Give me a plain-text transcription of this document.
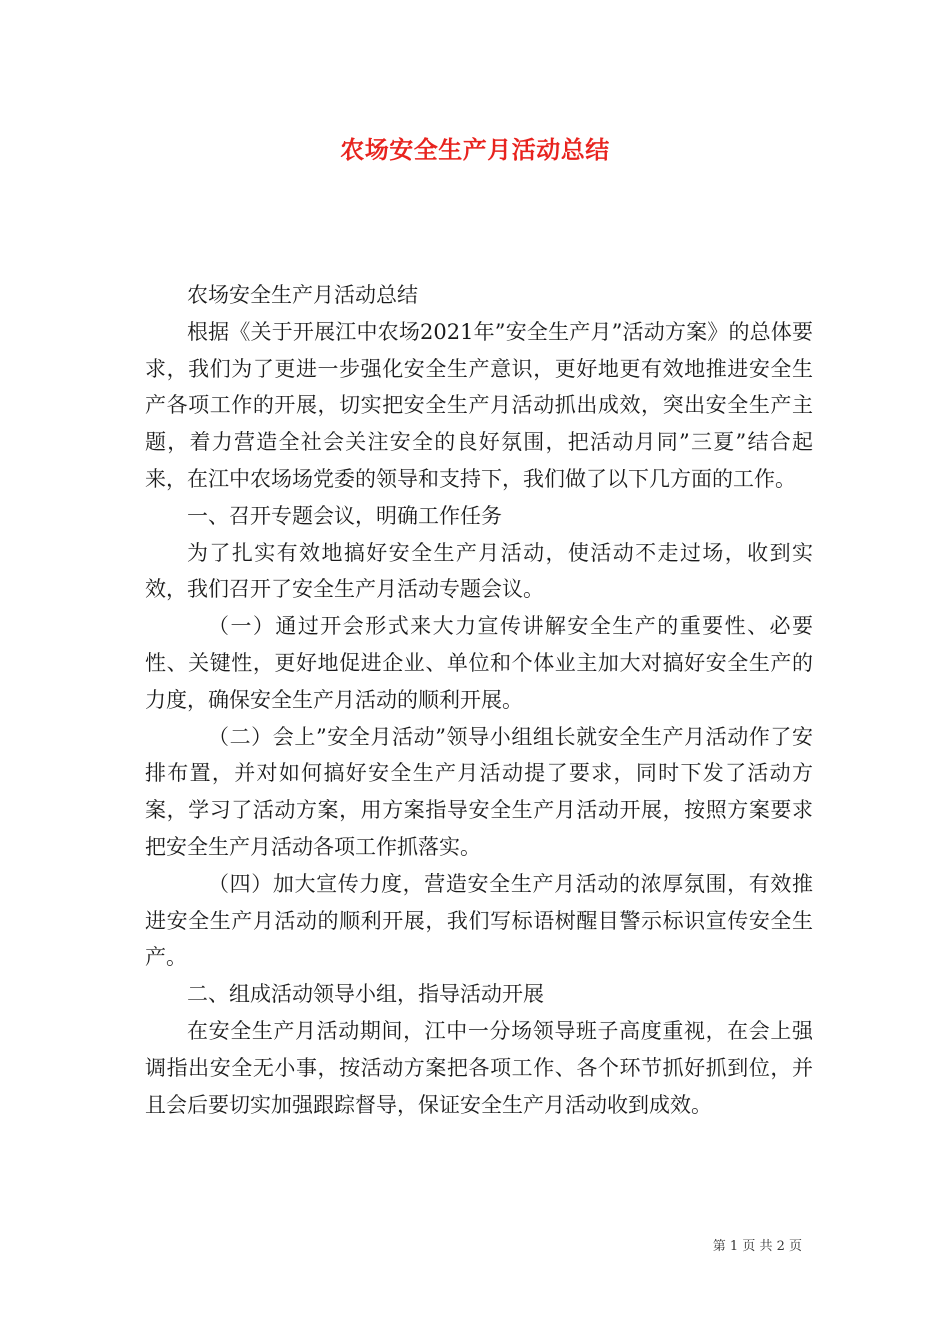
农场安全生产月活动总结

农场安全生产月活动总结

根据《关于开展江中农场2021年”安全生产月”活动方案》的总体要求，我们为了更进一步强化安全生产意识，更好地更有效地推进安全生产各项工作的开展，切实把安全生产月活动抓出成效，突出安全生产主题，着力营造全社会关注安全的良好氛围，把活动月同”三夏”结合起来，在江中农场场党委的领导和支持下，我们做了以下几方面的工作。

一、召开专题会议，明确工作任务

为了扎实有效地搞好安全生产月活动，使活动不走过场，收到实效，我们召开了安全生产月活动专题会议。

（一）通过开会形式来大力宣传讲解安全生产的重要性、必要性、关键性，更好地促进企业、单位和个体业主加大对搞好安全生产的力度，确保安全生产月活动的顺利开展。

（二）会上”安全月活动”领导小组组长就安全生产月活动作了安排布置，并对如何搞好安全生产月活动提了要求，同时下发了活动方案，学习了活动方案，用方案指导安全生产月活动开展，按照方案要求把安全生产月活动各项工作抓落实。

（四）加大宣传力度，营造安全生产月活动的浓厚氛围，有效推进安全生产月活动的顺利开展，我们写标语树醒目警示标识宣传安全生产。

二、组成活动领导小组，指导活动开展

在安全生产月活动期间，江中一分场领导班子高度重视，在会上强调指出安全无小事，按活动方案把各项工作、各个环节抓好抓到位，并且会后要切实加强跟踪督导，保证安全生产月活动收到成效。

第 1 页 共 2 页
